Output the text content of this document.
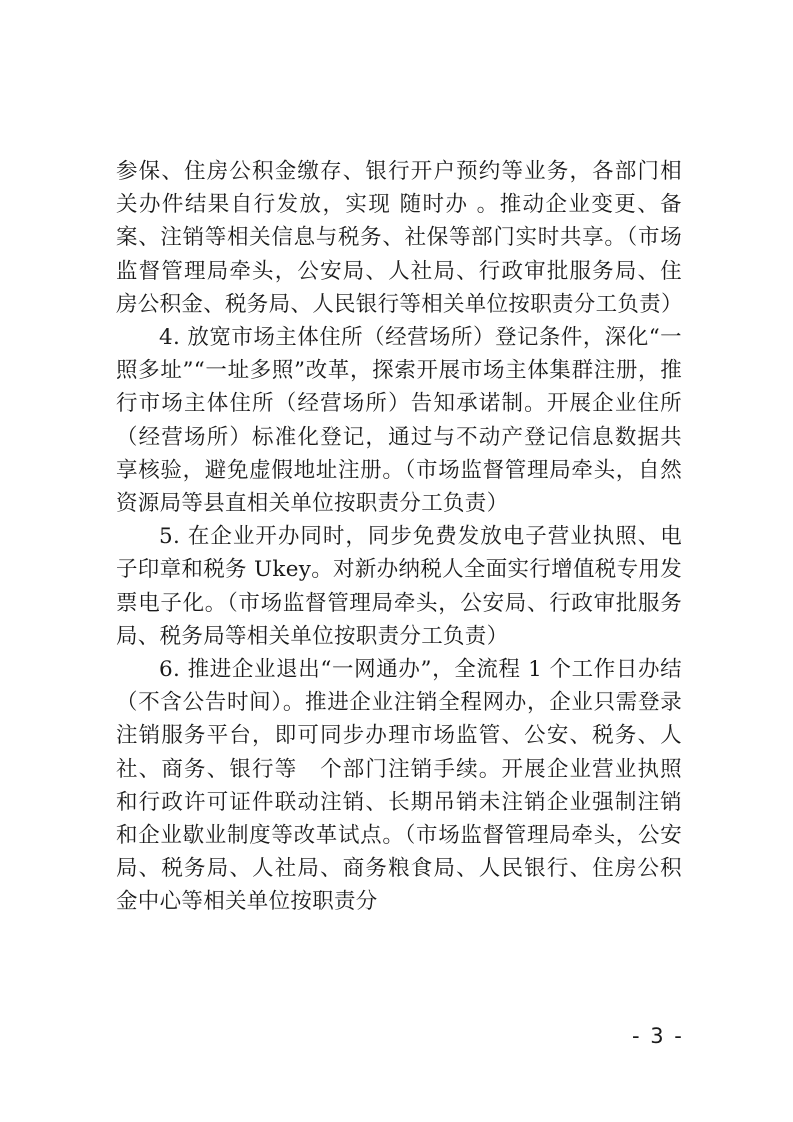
参保、住房公积金缴存、银行开户预约等业务，各部门相关办件结果自行发放，实现 随时办 。推动企业变更、备案、注销等相关信息与税务、社保等部门实时共享。（市场监督管理局牵头，公安局、人社局、行政审批服务局、住房公积金、税务局、人民银行等相关单位按职责分工负责）

4. 放宽市场主体住所（经营场所）登记条件，深化“一照多址”“一址多照”改革，探索开展市场主体集群注册，推行市场主体住所（经营场所）告知承诺制。开展企业住所（经营场所）标准化登记，通过与不动产登记信息数据共享核验，避免虚假地址注册。（市场监督管理局牵头，自然资源局等县直相关单位按职责分工负责）

5. 在企业开办同时，同步免费发放电子营业执照、电子印章和税务 Ukey。对新办纳税人全面实行增值税专用发票电子化。（市场监督管理局牵头，公安局、行政审批服务局、税务局等相关单位按职责分工负责）

6. 推进企业退出“一网通办”，全流程 1 个工作日办结（不含公告时间）。推进企业注销全程网办，企业只需登录注销服务平台，即可同步办理市场监管、公安、税务、人社、商务、银行等　个部门注销手续。开展企业营业执照和行政许可证件联动注销、长期吊销未注销企业强制注销和企业歇业制度等改革试点。（市场监督管理局牵头，公安局、税务局、人社局、商务粮食局、人民银行、住房公积金中心等相关单位按职责分

- 3 -
